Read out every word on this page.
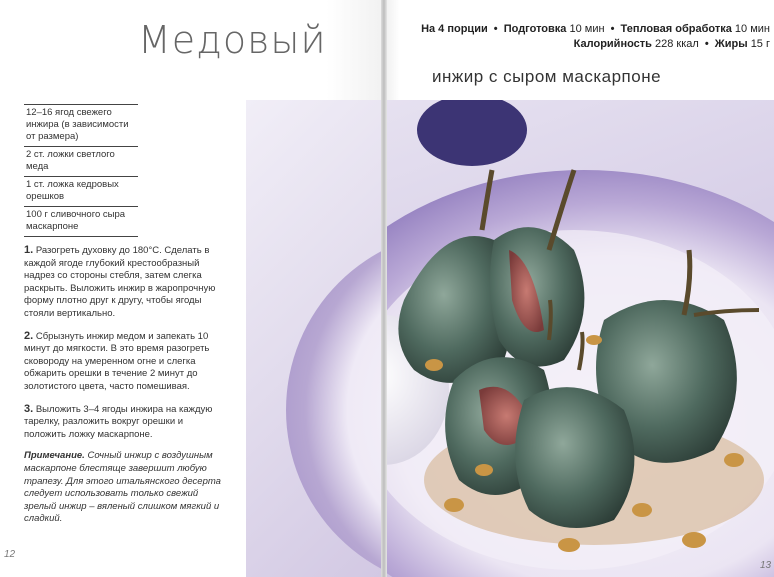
Медовый
12–16 ягод свежего инжира (в зависимости от размера)
2 ст. ложки светлого меда
1 ст. ложка кедровых орешков
100 г сливочного сыра маскарпоне
1. Разогреть духовку до 180°С. Сделать в каждой ягоде глубокий крестообразный надрез со стороны стебля, затем слегка раскрыть. Выложить инжир в жаропрочную форму плотно друг к другу, чтобы ягоды стояли вертикально.
2. Сбрызнуть инжир медом и запекать 10 минут до мягкости. В это время разогреть сковороду на умеренном огне и слегка обжарить орешки в течение 2 минут до золотистого цвета, часто помешивая.
3. Выложить 3–4 ягоды инжира на каждую тарелку, разложить вокруг орешки и положить ложку маскарпоне.
Примечание. Сочный инжир с воздушным маскарпоне блестяще завершит любую трапезу. Для этого итальянского десерта следует использовать только свежий зрелый инжир – вяленый слишком мягкий и сладкий.
12
На 4 порции • Подготовка 10 мин • Тепловая обработка 10 мин
Калорийность 228 ккал • Жиры 15 г
инжир с сыром маскарпоне
13
